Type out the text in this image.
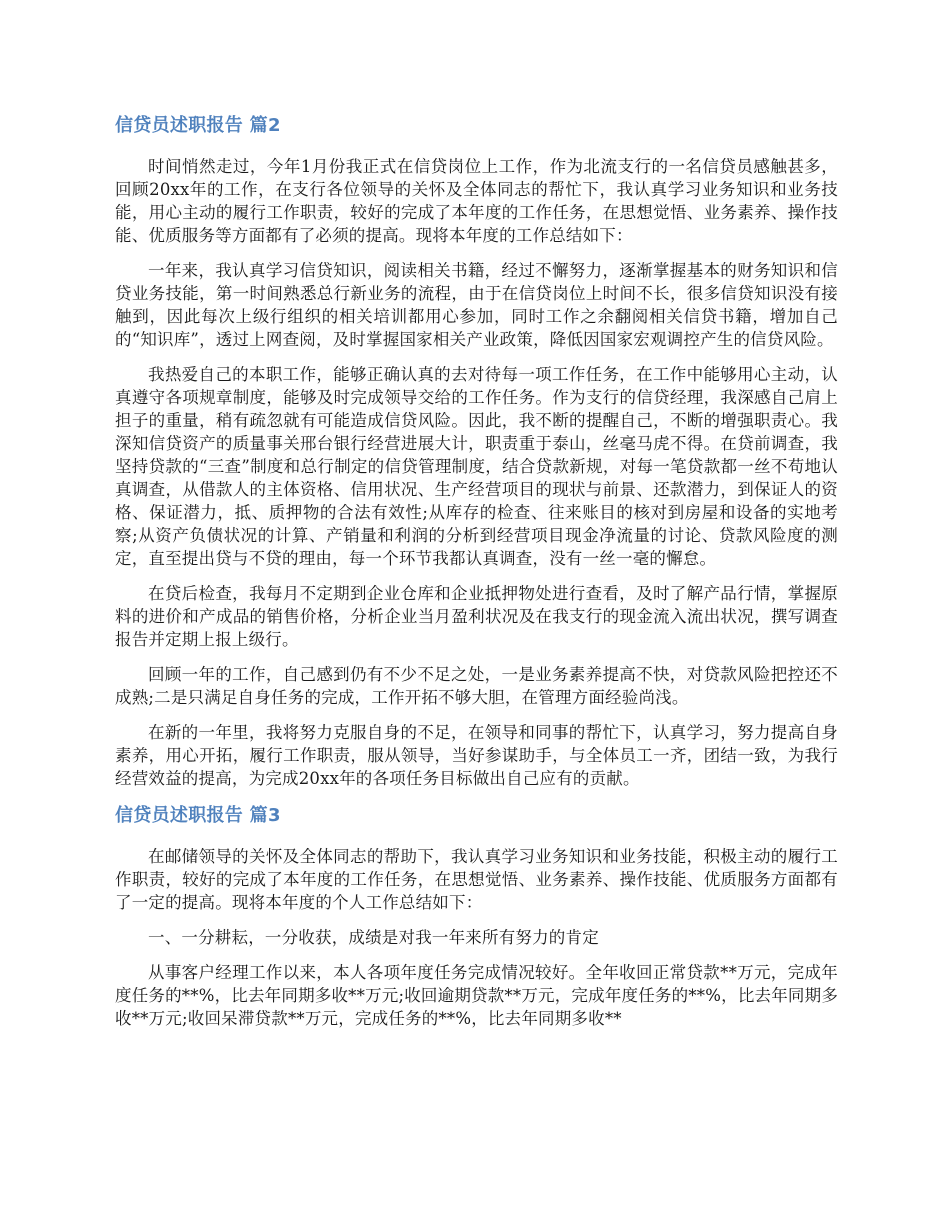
信贷员述职报告 篇2

时间悄然走过，今年1月份我正式在信贷岗位上工作，作为北流支行的一名信贷员感触甚多，回顾20xx年的工作，在支行各位领导的关怀及全体同志的帮忙下，我认真学习业务知识和业务技能，用心主动的履行工作职责，较好的完成了本年度的工作任务，在思想觉悟、业务素养、操作技能、优质服务等方面都有了必须的提高。现将本年度的工作总结如下：

一年来，我认真学习信贷知识，阅读相关书籍，经过不懈努力，逐渐掌握基本的财务知识和信贷业务技能，第一时间熟悉总行新业务的流程，由于在信贷岗位上时间不长，很多信贷知识没有接触到，因此每次上级行组织的相关培训都用心参加，同时工作之余翻阅相关信贷书籍，增加自己的“知识库”，透过上网查阅，及时掌握国家相关产业政策，降低因国家宏观调控产生的信贷风险。

我热爱自己的本职工作，能够正确认真的去对待每一项工作任务，在工作中能够用心主动，认真遵守各项规章制度，能够及时完成领导交给的工作任务。作为支行的信贷经理，我深感自己肩上担子的重量，稍有疏忽就有可能造成信贷风险。因此，我不断的提醒自己，不断的增强职责心。我深知信贷资产的质量事关邢台银行经营进展大计，职责重于泰山，丝毫马虎不得。在贷前调查，我坚持贷款的“三查”制度和总行制定的信贷管理制度，结合贷款新规，对每一笔贷款都一丝不苟地认真调查，从借款人的主体资格、信用状况、生产经营项目的现状与前景、还款潜力，到保证人的资格、保证潜力，抵、质押物的合法有效性;从库存的检查、往来账目的核对到房屋和设备的实地考察;从资产负债状况的计算、产销量和利润的分析到经营项目现金净流量的讨论、贷款风险度的测定，直至提出贷与不贷的理由，每一个环节我都认真调查，没有一丝一毫的懈怠。

在贷后检查，我每月不定期到企业仓库和企业抵押物处进行查看，及时了解产品行情，掌握原料的进价和产成品的销售价格，分析企业当月盈利状况及在我支行的现金流入流出状况，撰写调查报告并定期上报上级行。

回顾一年的工作，自己感到仍有不少不足之处，一是业务素养提高不快，对贷款风险把控还不成熟;二是只满足自身任务的完成，工作开拓不够大胆，在管理方面经验尚浅。

在新的一年里，我将努力克服自身的不足，在领导和同事的帮忙下，认真学习，努力提高自身素养，用心开拓，履行工作职责，服从领导，当好参谋助手，与全体员工一齐，团结一致，为我行经营效益的提高，为完成20xx年的各项任务目标做出自己应有的贡献。

信贷员述职报告 篇3

在邮储领导的关怀及全体同志的帮助下，我认真学习业务知识和业务技能，积极主动的履行工作职责，较好的完成了本年度的工作任务，在思想觉悟、业务素养、操作技能、优质服务方面都有了一定的提高。现将本年度的个人工作总结如下：

一、一分耕耘，一分收获，成绩是对我一年来所有努力的肯定

从事客户经理工作以来，本人各项年度任务完成情况较好。全年收回正常贷款**万元，完成年度任务的**%，比去年同期多收**万元;收回逾期贷款**万元，完成年度任务的**%，比去年同期多收**万元;收回呆滞贷款**万元，完成任务的**%，比去年同期多收**
